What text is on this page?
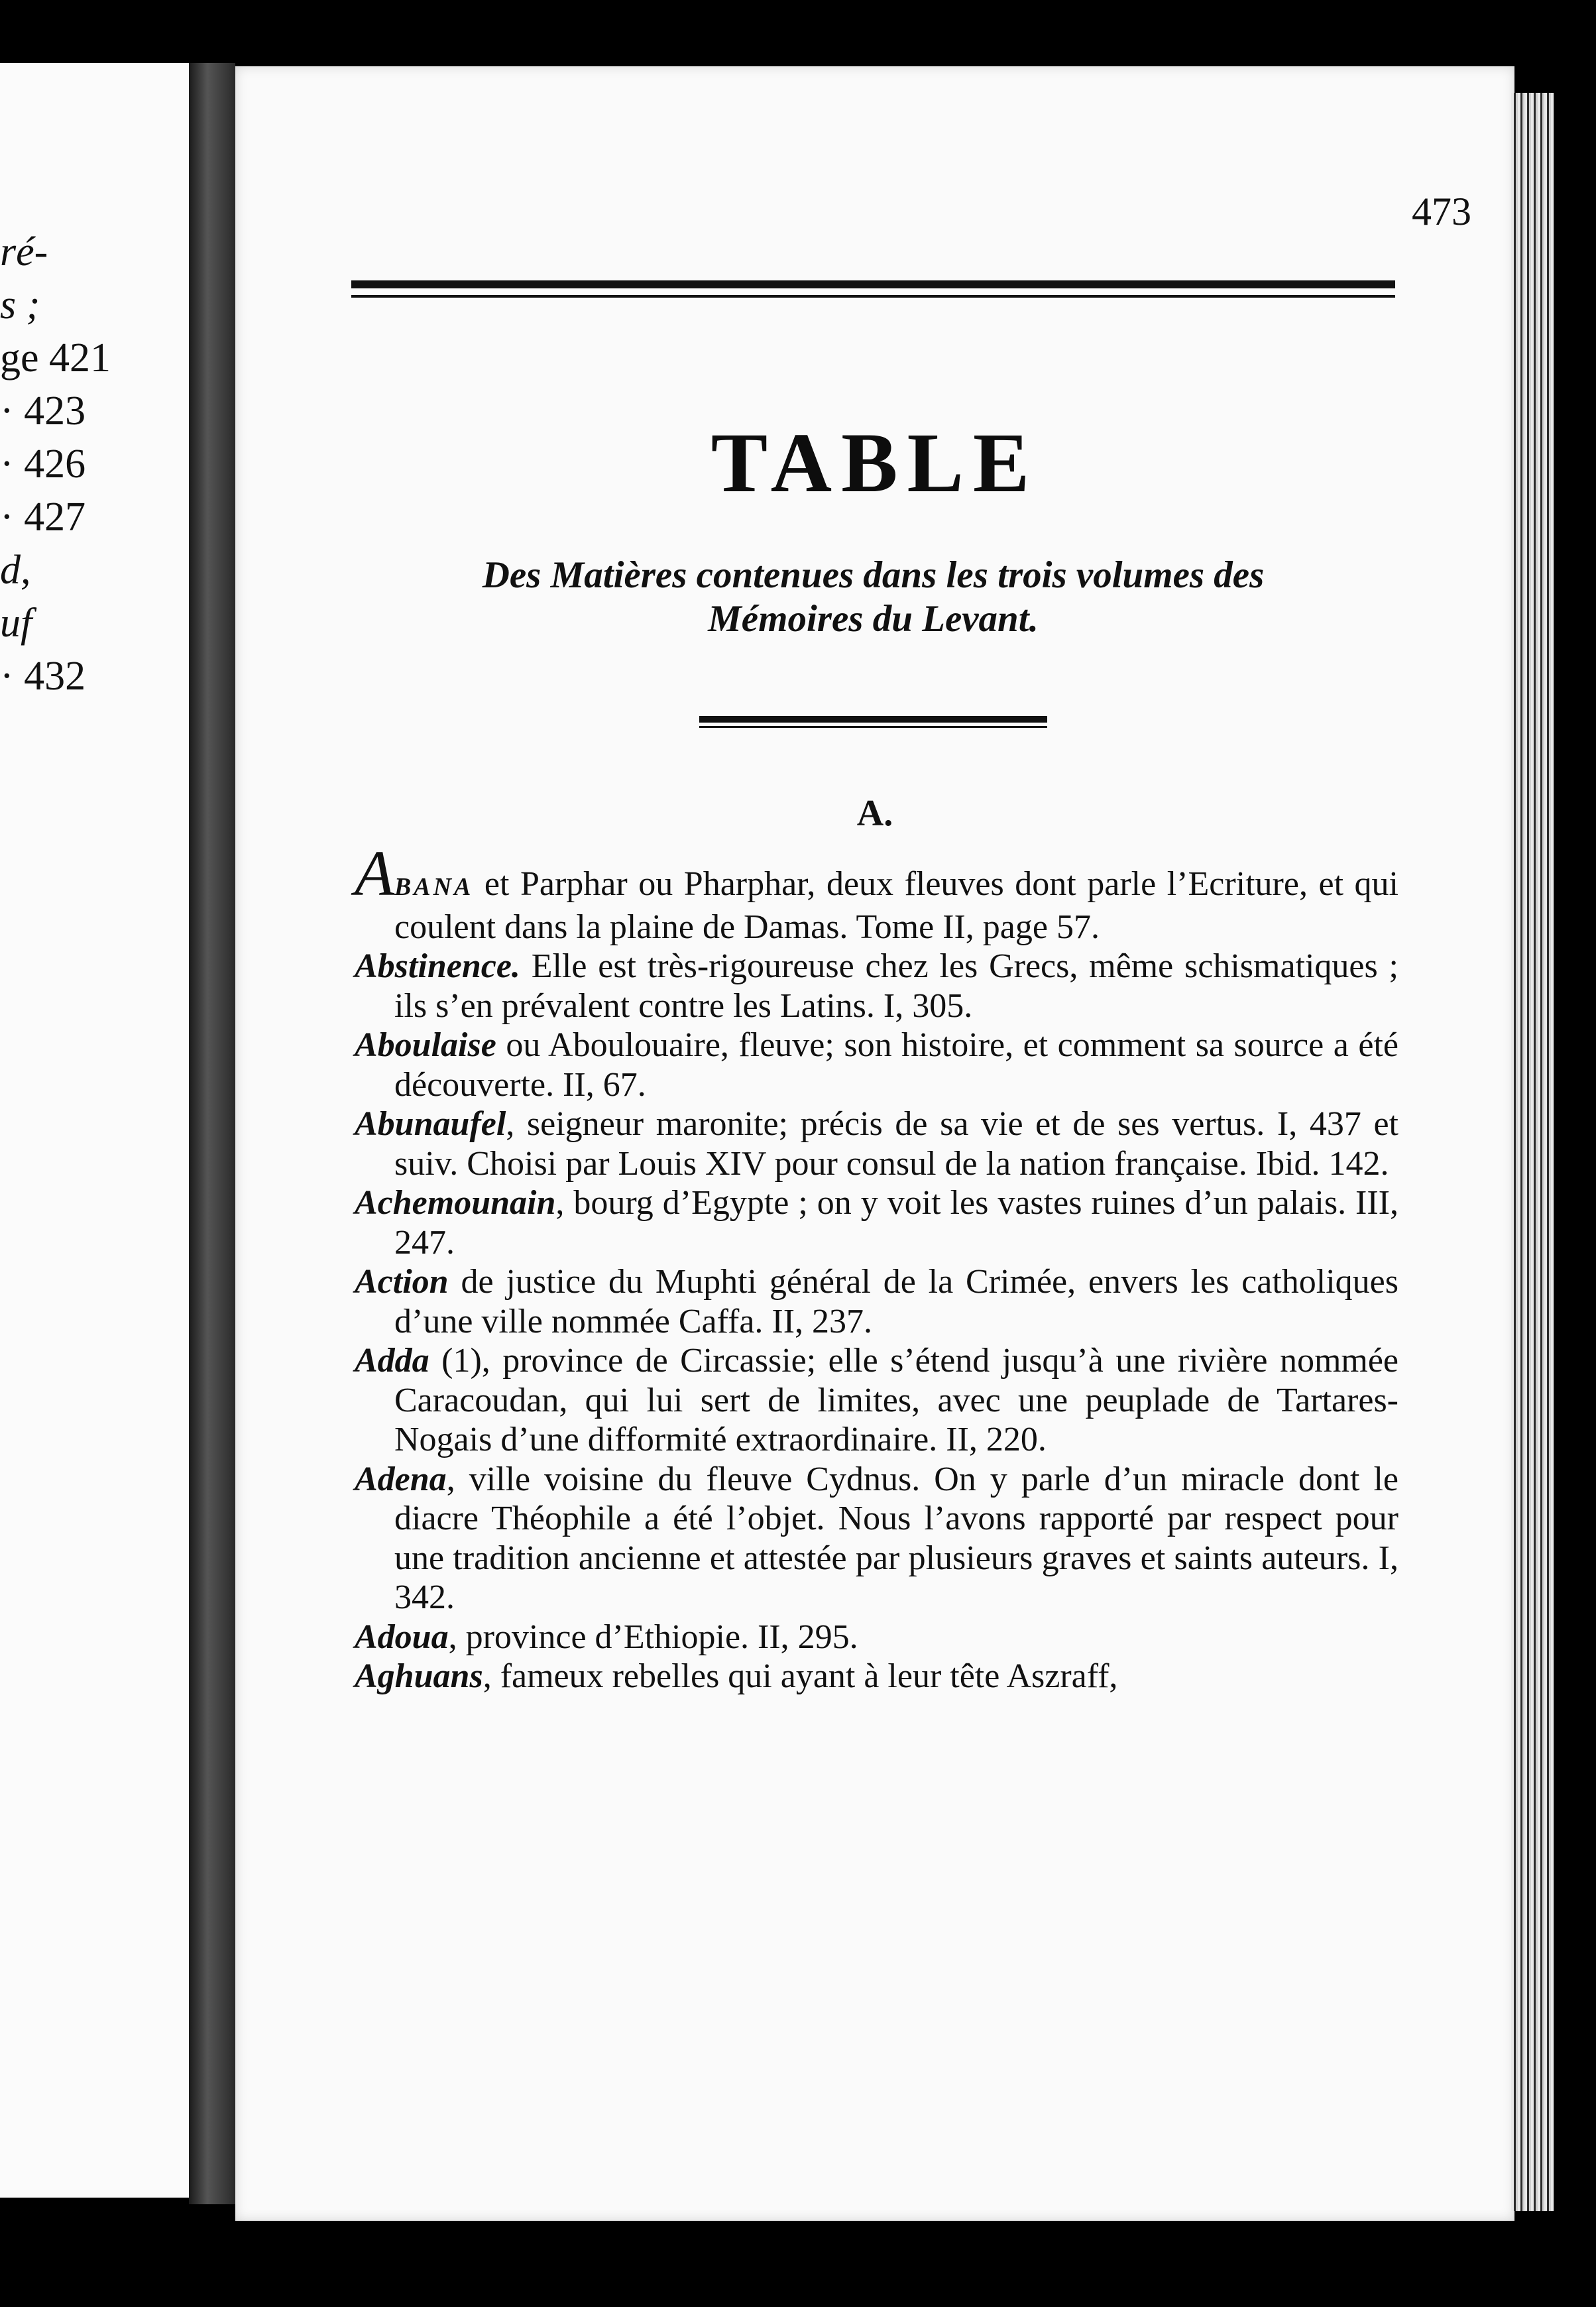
ré-
s ;
ge 421
· 423
· 426
· 427
d,
uf
· 432
473
TABLE
Des Matières contenues dans les trois volumes des
Mémoires du Levant.
A.

ABANA et Parphar ou Pharphar, deux fleuves dont parle l’Ecriture, et qui coulent dans la plaine de Damas. Tome II, page 57.

Abstinence. Elle est très-rigoureuse chez les Grecs, même schismatiques ; ils s’en prévalent contre les Latins. I, 305.

Aboulaise ou Aboulouaire, fleuve; son histoire, et comment sa source a été découverte. II, 67.

Abunaufel, seigneur maronite; précis de sa vie et de ses vertus. I, 437 et suiv. Choisi par Louis XIV pour consul de la nation française. Ibid. 142.

Achemounain, bourg d’Egypte ; on y voit les vastes ruines d’un palais. III, 247.

Action de justice du Muphti général de la Crimée, envers les catholiques d’une ville nommée Caffa. II, 237.

Adda (1), province de Circassie; elle s’étend jusqu’à une rivière nommée Caracoudan, qui lui sert de limites, avec une peuplade de Tartares-Nogais d’une difformité extraordinaire. II, 220.

Adena, ville voisine du fleuve Cydnus. On y parle d’un miracle dont le diacre Théophile a été l’objet. Nous l’avons rapporté par respect pour une tradition ancienne et attestée par plusieurs graves et saints auteurs. I, 342.

Adoua, province d’Ethiopie. II, 295.

Aghuans, fameux rebelles qui ayant à leur tête Aszraff,
